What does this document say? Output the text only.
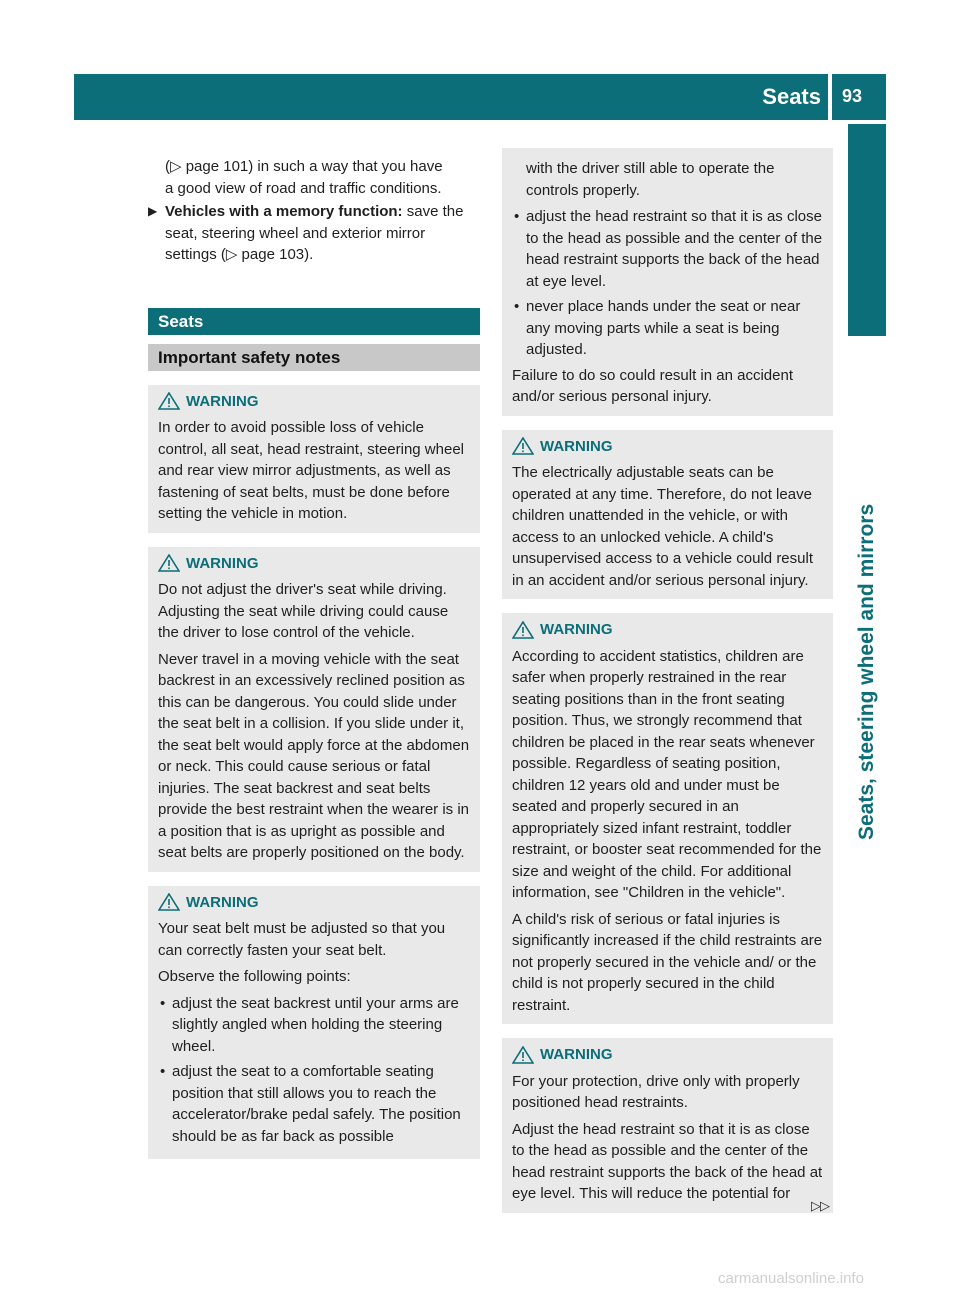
Seats 93
Seats, steering wheel and mirrors

(▷ page 101) in such a way that you have

a good view of road and traffic conditions.

▶ Vehicles with a memory function: save the seat, steering wheel and exterior mirror settings (▷ page 103).
Seats
Important safety notes
WARNING

In order to avoid possible loss of vehicle control, all seat, head restraint, steering wheel and rear view mirror adjustments, as well as fastening of seat belts, must be done before setting the vehicle in motion.

WARNING

Do not adjust the driver's seat while driving. Adjusting the seat while driving could cause the driver to lose control of the vehicle.

Never travel in a moving vehicle with the seat backrest in an excessively reclined position as this can be dangerous. You could slide under the seat belt in a collision. If you slide under it, the seat belt would apply force at the abdomen or neck. This could cause serious or fatal injuries. The seat backrest and seat belts provide the best restraint when the wearer is in a position that is as upright as possible and seat belts are properly positioned on the body.

WARNING

Your seat belt must be adjusted so that you can correctly fasten your seat belt.

Observe the following points:

• adjust the seat backrest until your arms are slightly angled when holding the steering wheel.
• adjust the seat to a comfortable seating position that still allows you to reach the accelerator/brake pedal safely. The position should be as far back as possible

with the driver still able to operate the controls properly.

• adjust the head restraint so that it is as close to the head as possible and the center of the head restraint supports the back of the head at eye level.
• never place hands under the seat or near any moving parts while a seat is being adjusted.

Failure to do so could result in an accident and/or serious personal injury.

WARNING

The electrically adjustable seats can be operated at any time. Therefore, do not leave children unattended in the vehicle, or with access to an unlocked vehicle. A child's unsupervised access to a vehicle could result in an accident and/or serious personal injury.

WARNING

According to accident statistics, children are safer when properly restrained in the rear seating positions than in the front seating position. Thus, we strongly recommend that children be placed in the rear seats whenever possible. Regardless of seating position, children 12 years old and under must be seated and properly secured in an appropriately sized infant restraint, toddler restraint, or booster seat recommended for the size and weight of the child. For additional information, see "Children in the vehicle".

A child's risk of serious or fatal injuries is significantly increased if the child restraints are not properly secured in the vehicle and/ or the child is not properly secured in the child restraint.

WARNING

For your protection, drive only with properly positioned head restraints.

Adjust the head restraint so that it is as close to the head as possible and the center of the head restraint supports the back of the head at eye level. This will reduce the potential for

▷▷
carmanualsonline.info
